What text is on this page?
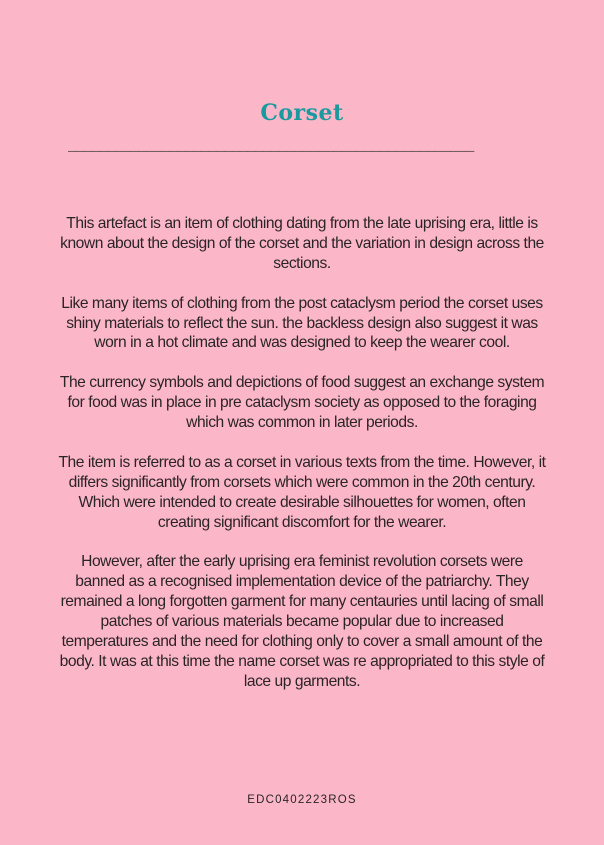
Corset
____________________________________________________

This artefact is an item of clothing dating from the late uprising era, little is known about the design of the corset and the variation in design across the sections.

Like many items of clothing from the post cataclysm period the corset uses shiny materials to reflect the sun. the backless design also suggest it was worn in a hot climate and was designed to keep the wearer cool.

The currency symbols and depictions of food suggest an exchange system for food was in place in pre cataclysm society as opposed to the foraging which was common in later periods.

The item is referred to as a corset in various texts from the time. However, it differs significantly from corsets which were common in the 20th century. Which were intended to create desirable silhouettes for women, often creating significant discomfort for the wearer.

However, after the early uprising era feminist revolution corsets were banned as a recognised implementation device of the patriarchy. They remained a long forgotten garment for many centauries until lacing of small patches of various materials became popular due to increased temperatures and the need for clothing only to cover a small amount of the body. It was at this time the name corset was re appropriated to this style of lace up garments.

EDC0402223ROS
